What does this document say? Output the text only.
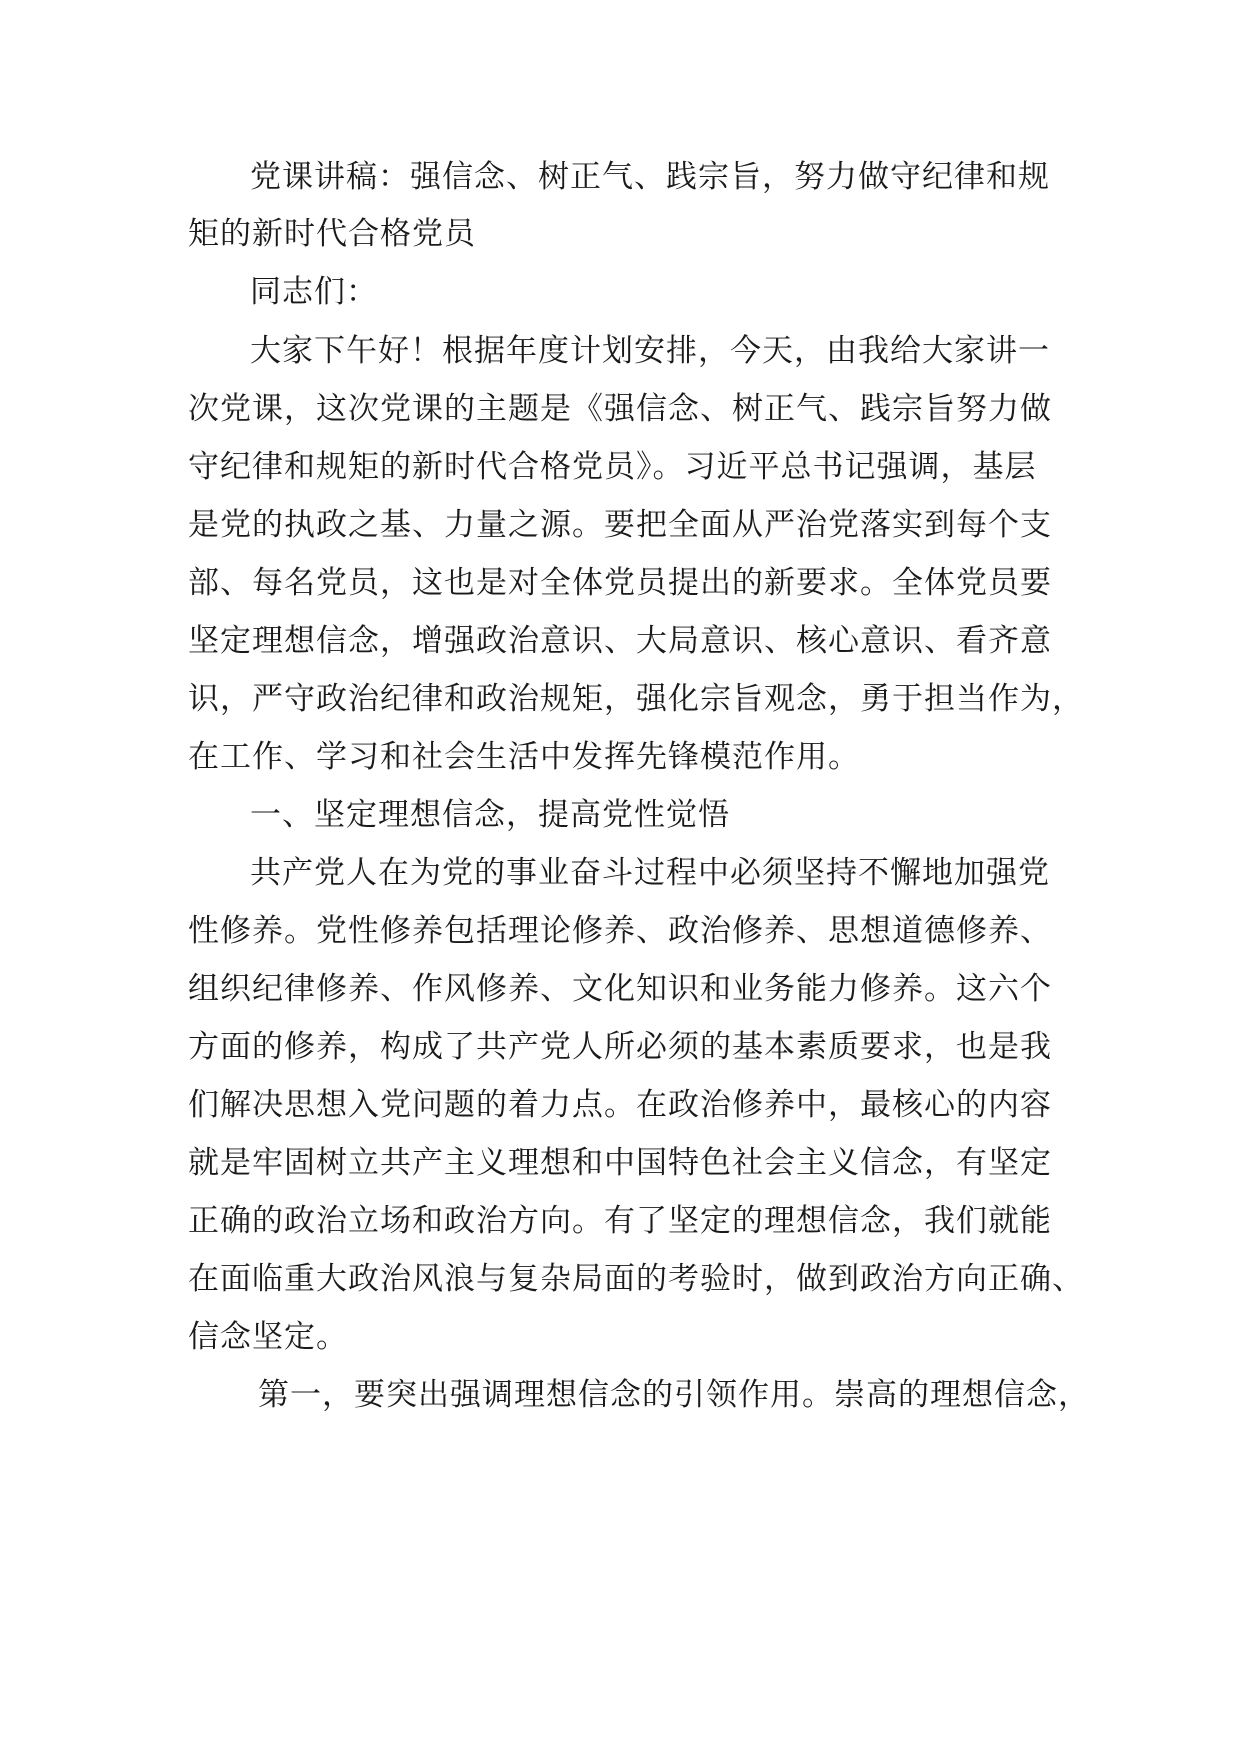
党课讲稿：强信念、树正气、践宗旨，努力做守纪律和规
矩的新时代合格党员
同志们：
大家下午好！根据年度计划安排，今天，由我给大家讲一
次党课，这次党课的主题是《强信念、树正气、践宗旨努力做
守纪律和规矩的新时代合格党员》。习近平总书记强调，基层
是党的执政之基、力量之源。要把全面从严治党落实到每个支
部、每名党员，这也是对全体党员提出的新要求。全体党员要
坚定理想信念，增强政治意识、大局意识、核心意识、看齐意
识，严守政治纪律和政治规矩，强化宗旨观念，勇于担当作为，
在工作、学习和社会生活中发挥先锋模范作用。
一、坚定理想信念，提高党性觉悟
共产党人在为党的事业奋斗过程中必须坚持不懈地加强党
性修养。党性修养包括理论修养、政治修养、思想道德修养、
组织纪律修养、作风修养、文化知识和业务能力修养。这六个
方面的修养，构成了共产党人所必须的基本素质要求，也是我
们解决思想入党问题的着力点。在政治修养中，最核心的内容
就是牢固树立共产主义理想和中国特色社会主义信念，有坚定
正确的政治立场和政治方向。有了坚定的理想信念，我们就能
在面临重大政治风浪与复杂局面的考验时，做到政治方向正确、
信念坚定。
第一，要突出强调理想信念的引领作用。崇高的理想信念，
